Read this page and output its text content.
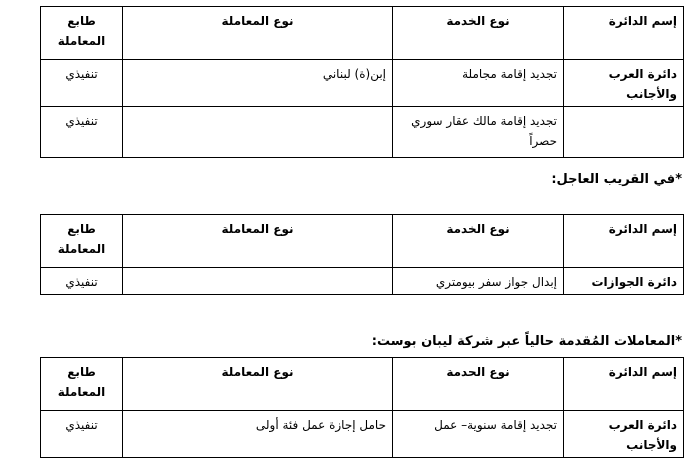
إسم الدائرة	نوع الخدمة	نوع المعاملة	طابع المعاملة
دائرة العرب والأجانب	تجديد إقامة مجاملة	إبن(ة) لبناني	تنفيذي
	تجديد إقامة مالك عقار سوري حصراً		تنفيذي
*في القريب العاجل:
إسم الدائرة	نوع الخدمة	نوع المعاملة	طابع المعاملة
دائرة الجوازات	إبدال جواز سفر بيومتري		تنفيذي
*المعاملات المُقدمة حالياً عبر شركة ليبان بوست:
إسم الدائرة	نوع الحدمة	نوع المعاملة	طابع المعاملة
دائرة العرب والأجانب	تجديد إقامة سنوية– عمل	حامل إجازة عمل فئة أولى	تنفيذي
